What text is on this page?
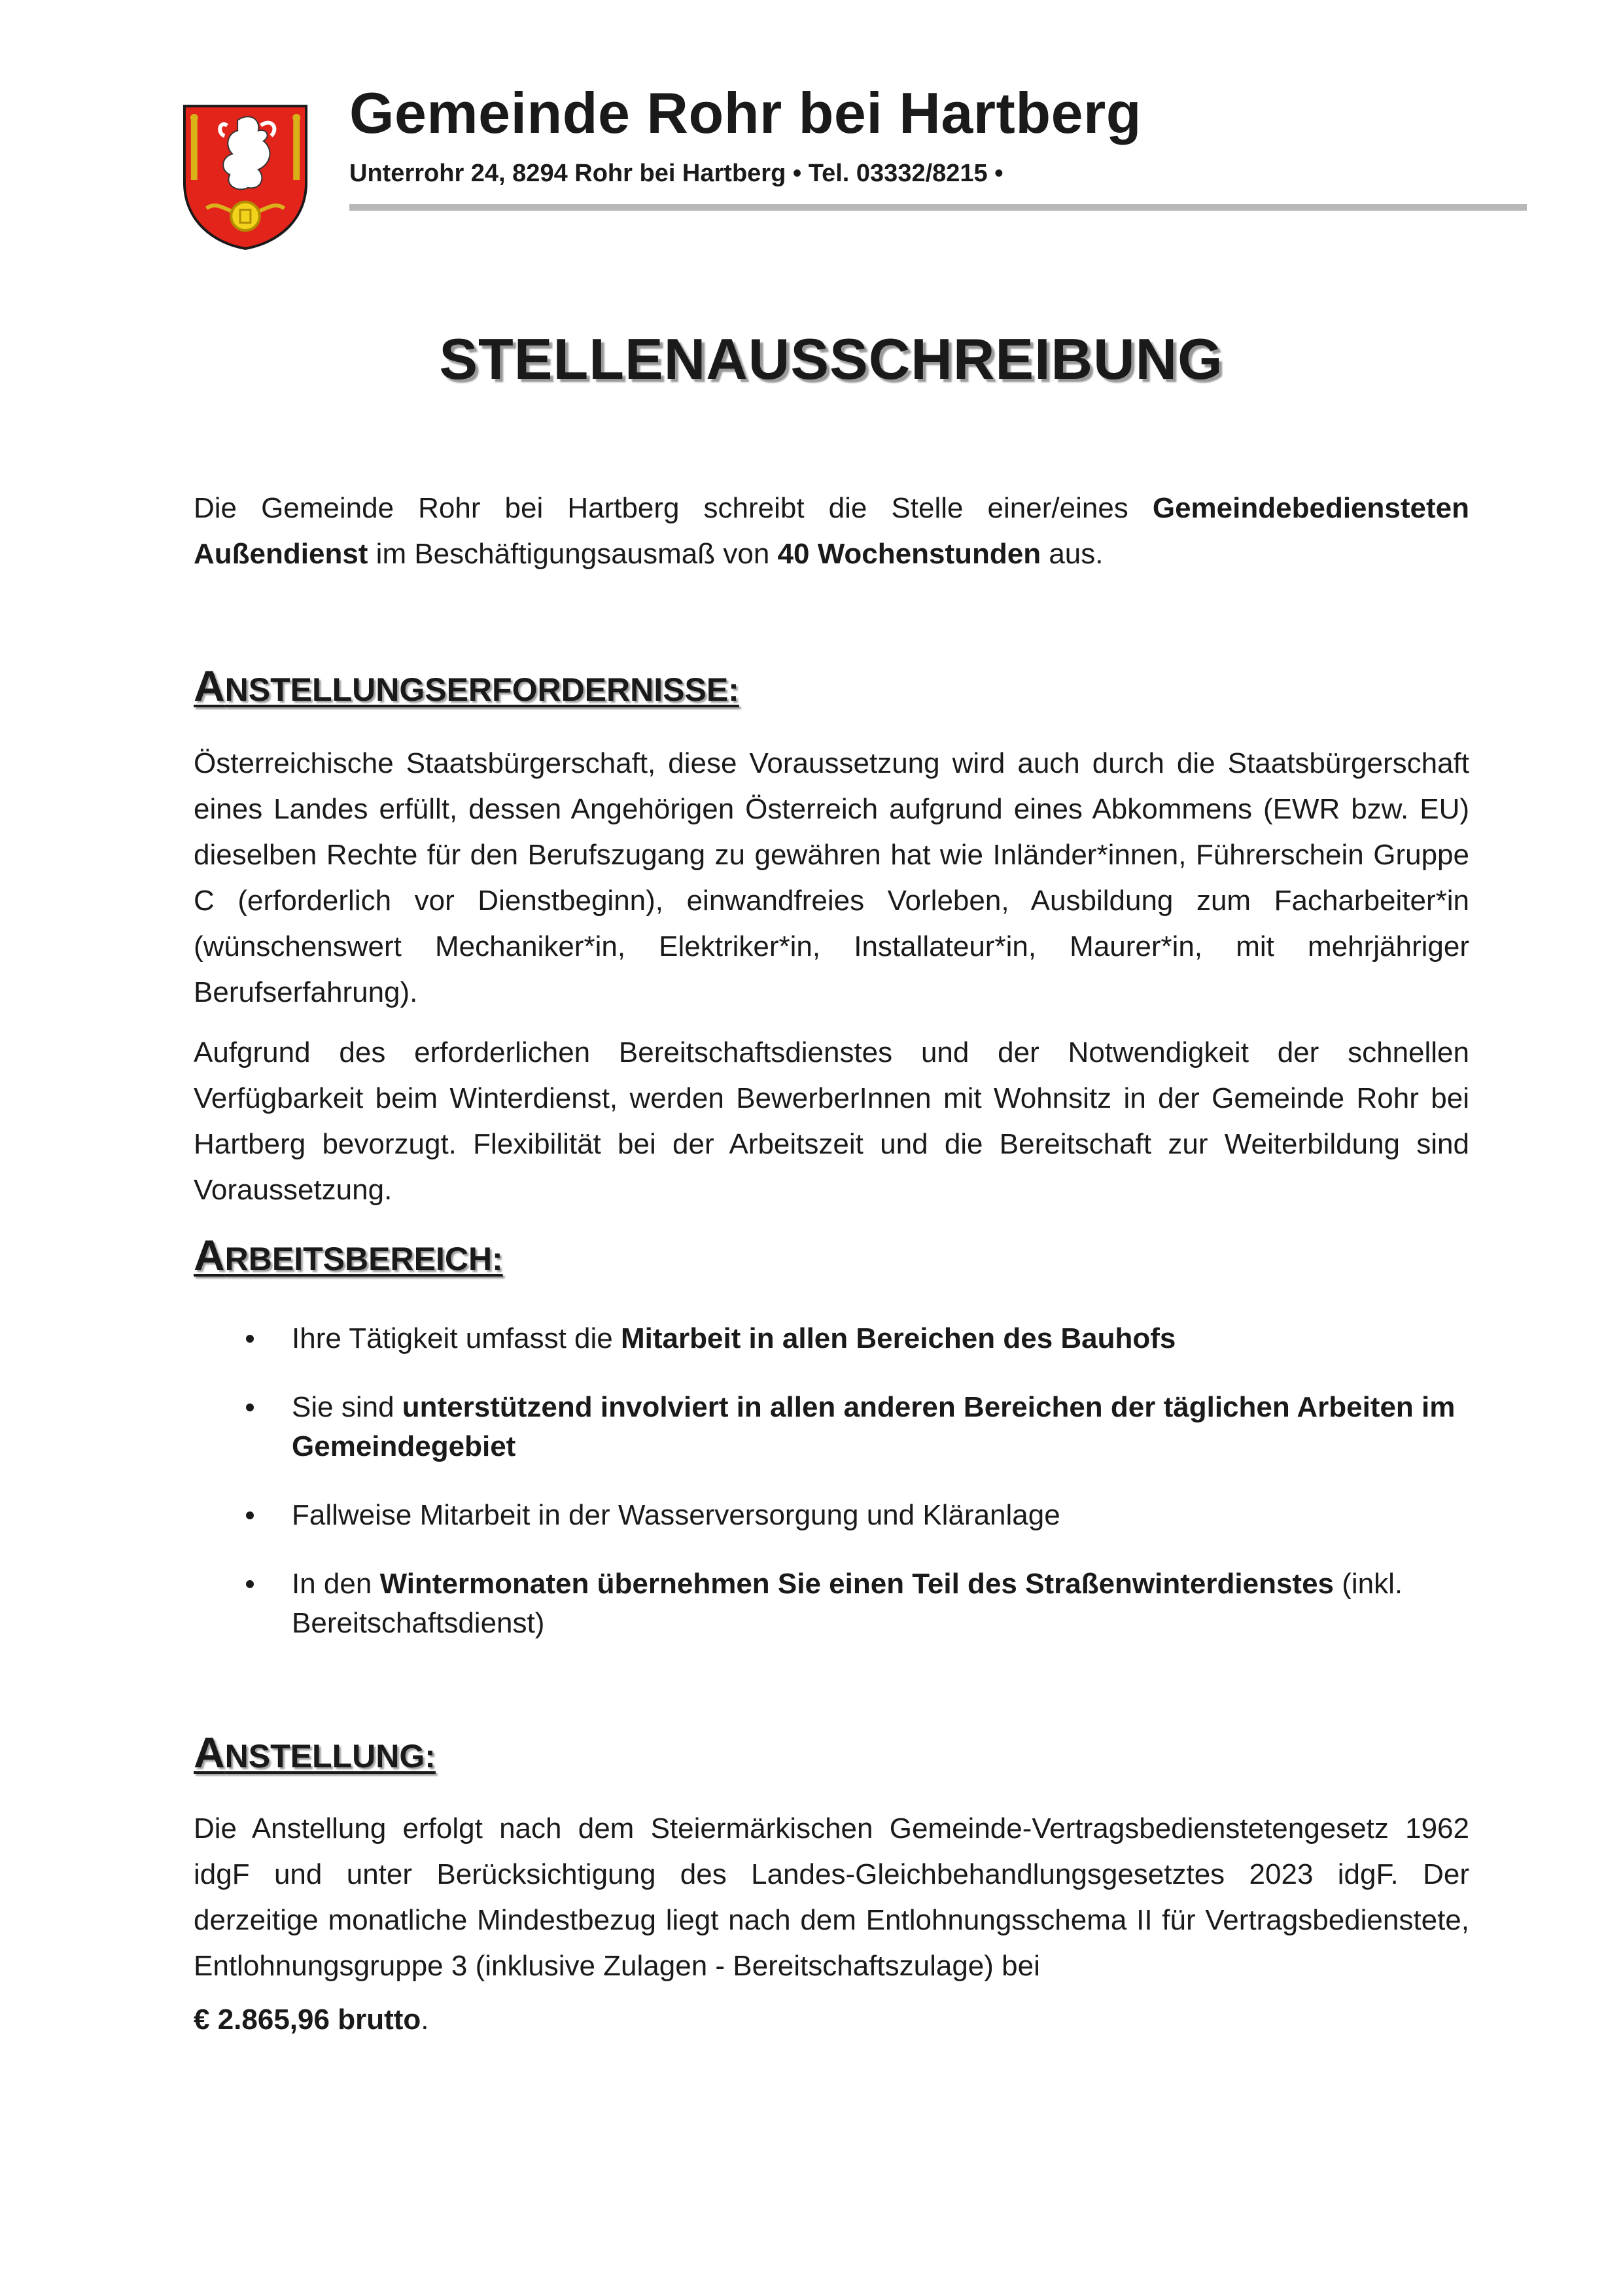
Gemeinde Rohr bei Hartberg
Unterrohr 24, 8294 Rohr bei Hartberg • Tel. 03332/8215 •
STELLENAUSSCHREIBUNG
Die Gemeinde Rohr bei Hartberg schreibt die Stelle einer/eines Gemeindebediensteten Außendienst im Beschäftigungsausmaß von 40 Wochenstunden aus.
ANSTELLUNGSERFORDERNISSE:
Österreichische Staatsbürgerschaft, diese Voraussetzung wird auch durch die Staatsbürgerschaft eines Landes erfüllt, dessen Angehörigen Österreich aufgrund eines Abkommens (EWR bzw. EU) dieselben Rechte für den Berufszugang zu gewähren hat wie Inländer*innen, Führerschein Gruppe C (erforderlich vor Dienstbeginn), einwandfreies Vorleben, Ausbildung zum Facharbeiter*in (wünschenswert Mechaniker*in, Elektriker*in, Installateur*in, Maurer*in, mit mehrjähriger Berufserfahrung).
Aufgrund des erforderlichen Bereitschaftsdienstes und der Notwendigkeit der schnellen Verfügbarkeit beim Winterdienst, werden BewerberInnen mit Wohnsitz in der Gemeinde Rohr bei Hartberg bevorzugt. Flexibilität bei der Arbeitszeit und die Bereitschaft zur Weiterbildung sind Voraussetzung.
ARBEITSBEREICH:
Ihre Tätigkeit umfasst die Mitarbeit in allen Bereichen des Bauhofs
Sie sind unterstützend involviert in allen anderen Bereichen der täglichen Arbeiten im Gemeindegebiet
Fallweise Mitarbeit in der Wasserversorgung und Kläranlage
In den Wintermonaten übernehmen Sie einen Teil des Straßenwinterdienstes (inkl. Bereitschaftsdienst)
ANSTELLUNG:
Die Anstellung erfolgt nach dem Steiermärkischen Gemeinde-Vertragsbedienstetengesetz 1962 idgF und unter Berücksichtigung des Landes-Gleichbehandlungsgesetztes 2023 idgF. Der derzeitige monatliche Mindestbezug liegt nach dem Entlohnungsschema II für Vertragsbedienstete, Entlohnungsgruppe 3 (inklusive Zulagen - Bereitschaftszulage) bei
€ 2.865,96 brutto.
